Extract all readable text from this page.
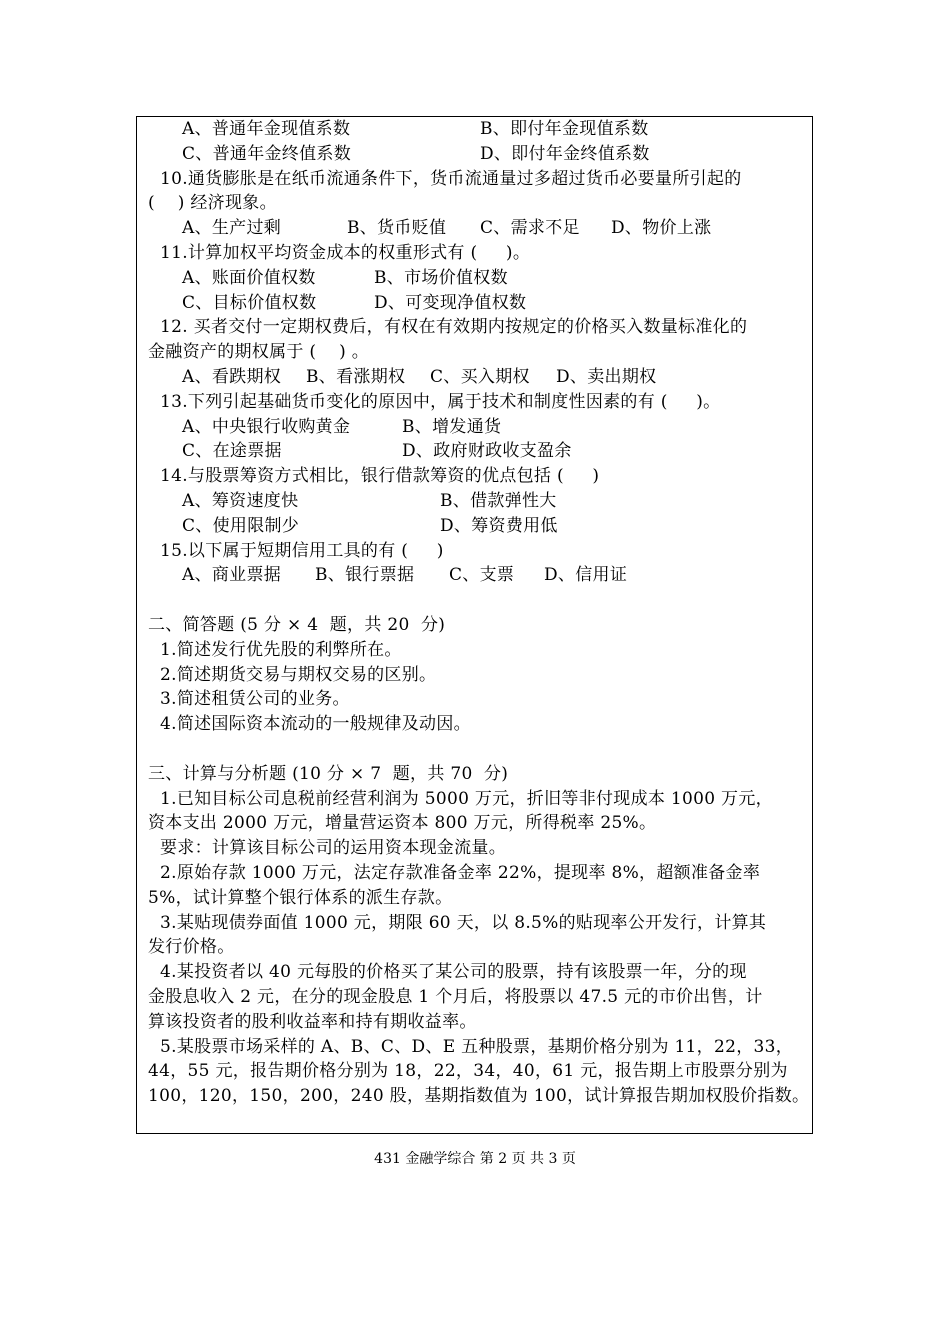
A、普通年金现值系数	B、即付年金现值系数
C、普通年金终值系数	D、即付年金终值系数
10.通货膨胀是在纸币流通条件下，货币流通量过多超过货币必要量所引起的
(    ) 经济现象。
A、生产过剩	B、货币贬值 C、需求不足 D、物价上涨
11.计算加权平均资金成本的权重形式有 (     )。
A、账面价值权数	B、市场价值权数
C、目标价值权数	D、可变现净值权数
12. 买者交付一定期权费后，有权在有效期内按规定的价格买入数量标准化的
金融资产的期权属于 (    ) 。
A、看跌期权 B、看涨期权 C、买入期权 D、卖出期权
13.下列引起基础货币变化的原因中，属于技术和制度性因素的有 (     )。
A、中央银行收购黄金	B、增发通货
C、在途票据	D、政府财政收支盈余
14.与股票筹资方式相比，银行借款筹资的优点包括 (     )
A、筹资速度快	B、借款弹性大
C、使用限制少	D、筹资费用低
15.以下属于短期信用工具的有 (     )
A、商业票据 B、银行票据 C、支票 D、信用证
二、简答题 (5 分 × 4  题，共 20  分)
1.简述发行优先股的利弊所在。
2.简述期货交易与期权交易的区别。
3.简述租赁公司的业务。
4.简述国际资本流动的一般规律及动因。
三、计算与分析题 (10 分 × 7  题，共 70  分)
1.已知目标公司息税前经营利润为 5000 万元，折旧等非付现成本 1000 万元，
资本支出 2000 万元，增量营运资本 800 万元，所得税率 25%。
要求：计算该目标公司的运用资本现金流量。
2.原始存款 1000 万元，法定存款准备金率 22%，提现率 8%，超额准备金率
5%，试计算整个银行体系的派生存款。
3.某贴现债券面值 1000 元，期限 60 天，以 8.5%的贴现率公开发行，计算其
发行价格。
4.某投资者以 40 元每股的价格买了某公司的股票，持有该股票一年，分的现
金股息收入 2 元，在分的现金股息 1 个月后，将股票以 47.5 元的市价出售，计
算该投资者的股利收益率和持有期收益率。
5.某股票市场采样的 A、B、C、D、E 五种股票，基期价格分别为 11，22，33，
44，55 元，报告期价格分别为 18，22，34，40，61 元，报告期上市股票分别为
100，120，150，200，240 股，基期指数值为 100，试计算报告期加权股价指数。
431 金融学综合 第 2 页 共 3 页
